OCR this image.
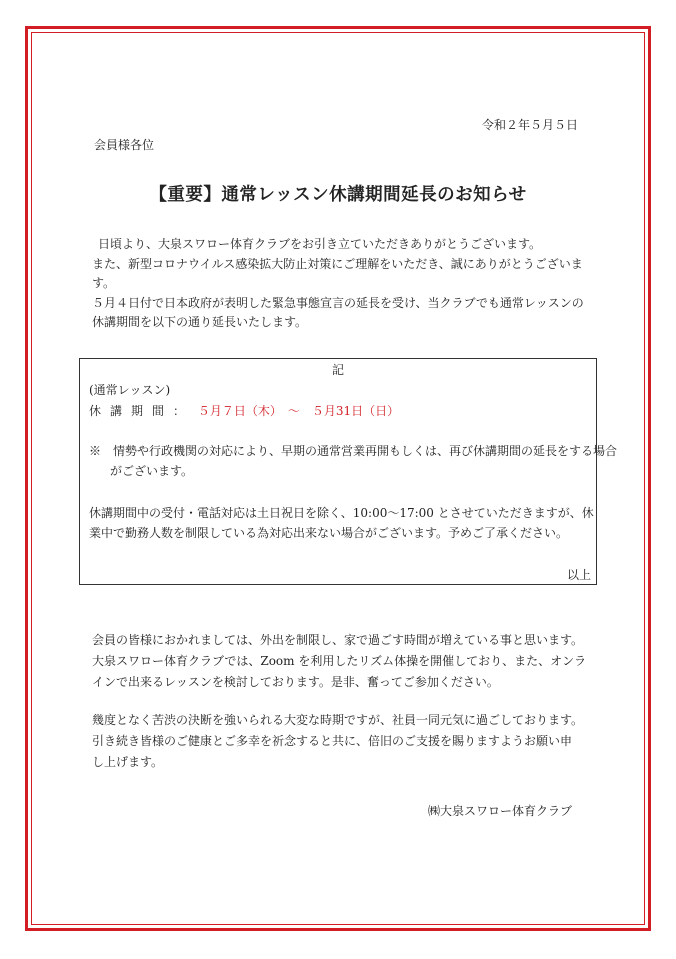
令和２年５月５日
会員様各位
【重要】通常レッスン休講期間延長のお知らせ
日頃より、大泉スワロー体育クラブをお引き立ていただきありがとうございます。
また、新型コロナウイルス感染拡大防止対策にご理解をいただき、誠にありがとうございま
す。
５月４日付で日本政府が表明した緊急事態宣言の延長を受け、当クラブでも通常レッスンの
休講期間を以下の通り延長いたします。
記
(通常レッスン)
休講期間： ５月７日（木）　～　５月31日（日）
※　情勢や行政機関の対応により、早期の通常営業再開もしくは、再び休講期間の延長をする場合
がございます。
休講期間中の受付・電話対応は土日祝日を除く、10:00～17:00 とさせていただきますが、休
業中で勤務人数を制限している為対応出来ない場合がございます。予めご了承ください。
以上
会員の皆様におかれましては、外出を制限し、家で過ごす時間が増えている事と思います。
大泉スワロー体育クラブでは、Zoom を利用したリズム体操を開催しており、また、オンラ
インで出来るレッスンを検討しております。是非、奮ってご参加ください。
幾度となく苦渋の決断を強いられる大変な時期ですが、社員一同元気に過ごしております。
引き続き皆様のご健康とご多幸を祈念すると共に、倍旧のご支援を賜りますようお願い申
し上げます。
㈱大泉スワロー体育クラブ
